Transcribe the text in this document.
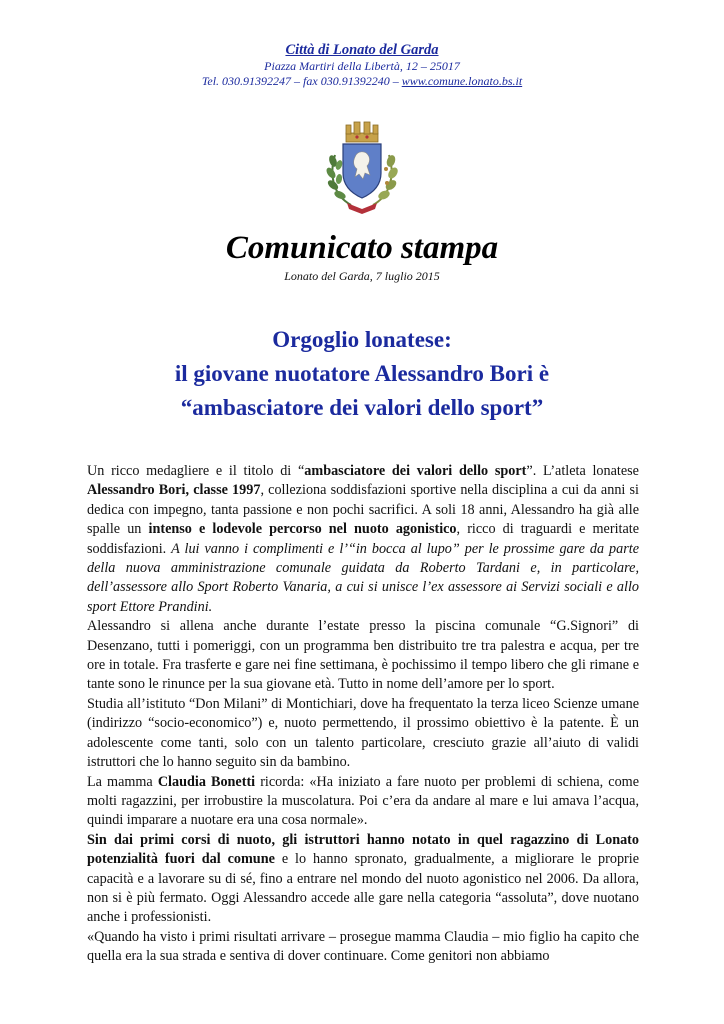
Città di Lonato del Garda
Piazza Martiri della Libertà, 12 – 25017
Tel. 030.91392247 – fax 030.91392240 – www.comune.lonato.bs.it
Comunicato stampa
Lonato del Garda, 7 luglio 2015
Orgoglio lonatese:
il giovane nuotatore Alessandro Bori è
“ambasciatore dei valori dello sport”

Un ricco medagliere e il titolo di “ambasciatore dei valori dello sport”. L’atleta lonatese Alessandro Bori, classe 1997, colleziona soddisfazioni sportive nella disciplina a cui da anni si dedica con impegno, tanta passione e non pochi sacrifici. A soli 18 anni, Alessandro ha già alle spalle un intenso e lodevole percorso nel nuoto agonistico, ricco di traguardi e meritate soddisfazioni. A lui vanno i complimenti e l’“in bocca al lupo” per le prossime gare da parte della nuova amministrazione comunale guidata da Roberto Tardani e, in particolare, dell’assessore allo Sport Roberto Vanaria, a cui si unisce l’ex assessore ai Servizi sociali e allo sport Ettore Prandini.

Alessandro si allena anche durante l’estate presso la piscina comunale “G.Signori” di Desenzano, tutti i pomeriggi, con un programma ben distribuito tre tra palestra e acqua, per tre ore in totale. Fra trasferte e gare nei fine settimana, è pochissimo il tempo libero che gli rimane e tante sono le rinunce per la sua giovane età. Tutto in nome dell’amore per lo sport.

Studia all’istituto “Don Milani” di Montichiari, dove ha frequentato la terza liceo Scienze umane (indirizzo “socio-economico”) e, nuoto permettendo, il prossimo obiettivo è la patente. È un adolescente come tanti, solo con un talento particolare, cresciuto grazie all’aiuto di validi istruttori che lo hanno seguito sin da bambino.

La mamma Claudia Bonetti ricorda: «Ha iniziato a fare nuoto per problemi di schiena, come molti ragazzini, per irrobustire la muscolatura. Poi c’era da andare al mare e lui amava l’acqua, quindi imparare a nuotare era una cosa normale».

Sin dai primi corsi di nuoto, gli istruttori hanno notato in quel ragazzino di Lonato potenzialità fuori dal comune e lo hanno spronato, gradualmente, a migliorare le proprie capacità e a lavorare su di sé, fino a entrare nel mondo del nuoto agonistico nel 2006. Da allora, non si è più fermato. Oggi Alessandro accede alle gare nella categoria “assoluta”, dove nuotano anche i professionisti.

«Quando ha visto i primi risultati arrivare – prosegue mamma Claudia – mio figlio ha capito che quella era la sua strada e sentiva di dover continuare. Come genitori non abbiamo
